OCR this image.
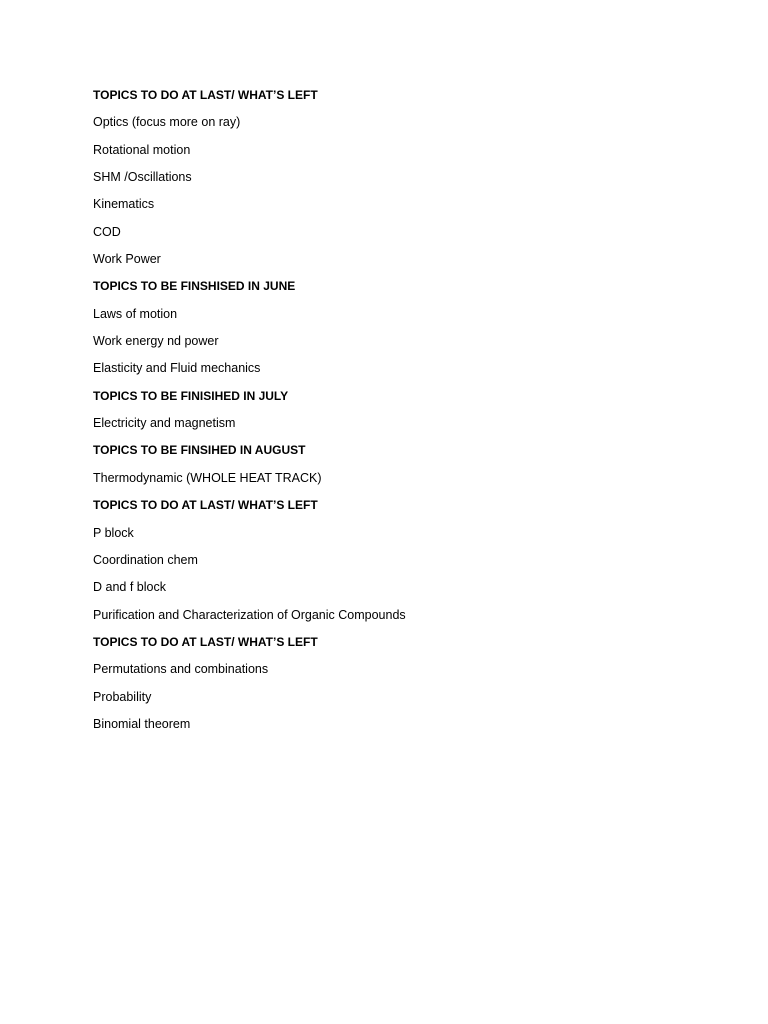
TOPICS TO DO AT LAST/ WHAT’S LEFT
Optics (focus more on ray)
Rotational motion
SHM /Oscillations
Kinematics
COD
Work Power
TOPICS TO BE FINSHISED IN JUNE
Laws of motion
Work energy nd power
Elasticity and Fluid mechanics
TOPICS TO BE FINISIHED IN JULY
Electricity and magnetism
TOPICS TO BE FINSIHED IN AUGUST
Thermodynamic (WHOLE HEAT TRACK)
TOPICS TO DO AT LAST/ WHAT’S LEFT
P block
Coordination chem
D and f block
Purification and Characterization of Organic Compounds
TOPICS TO DO AT LAST/ WHAT’S LEFT
Permutations and combinations
Probability
Binomial theorem
